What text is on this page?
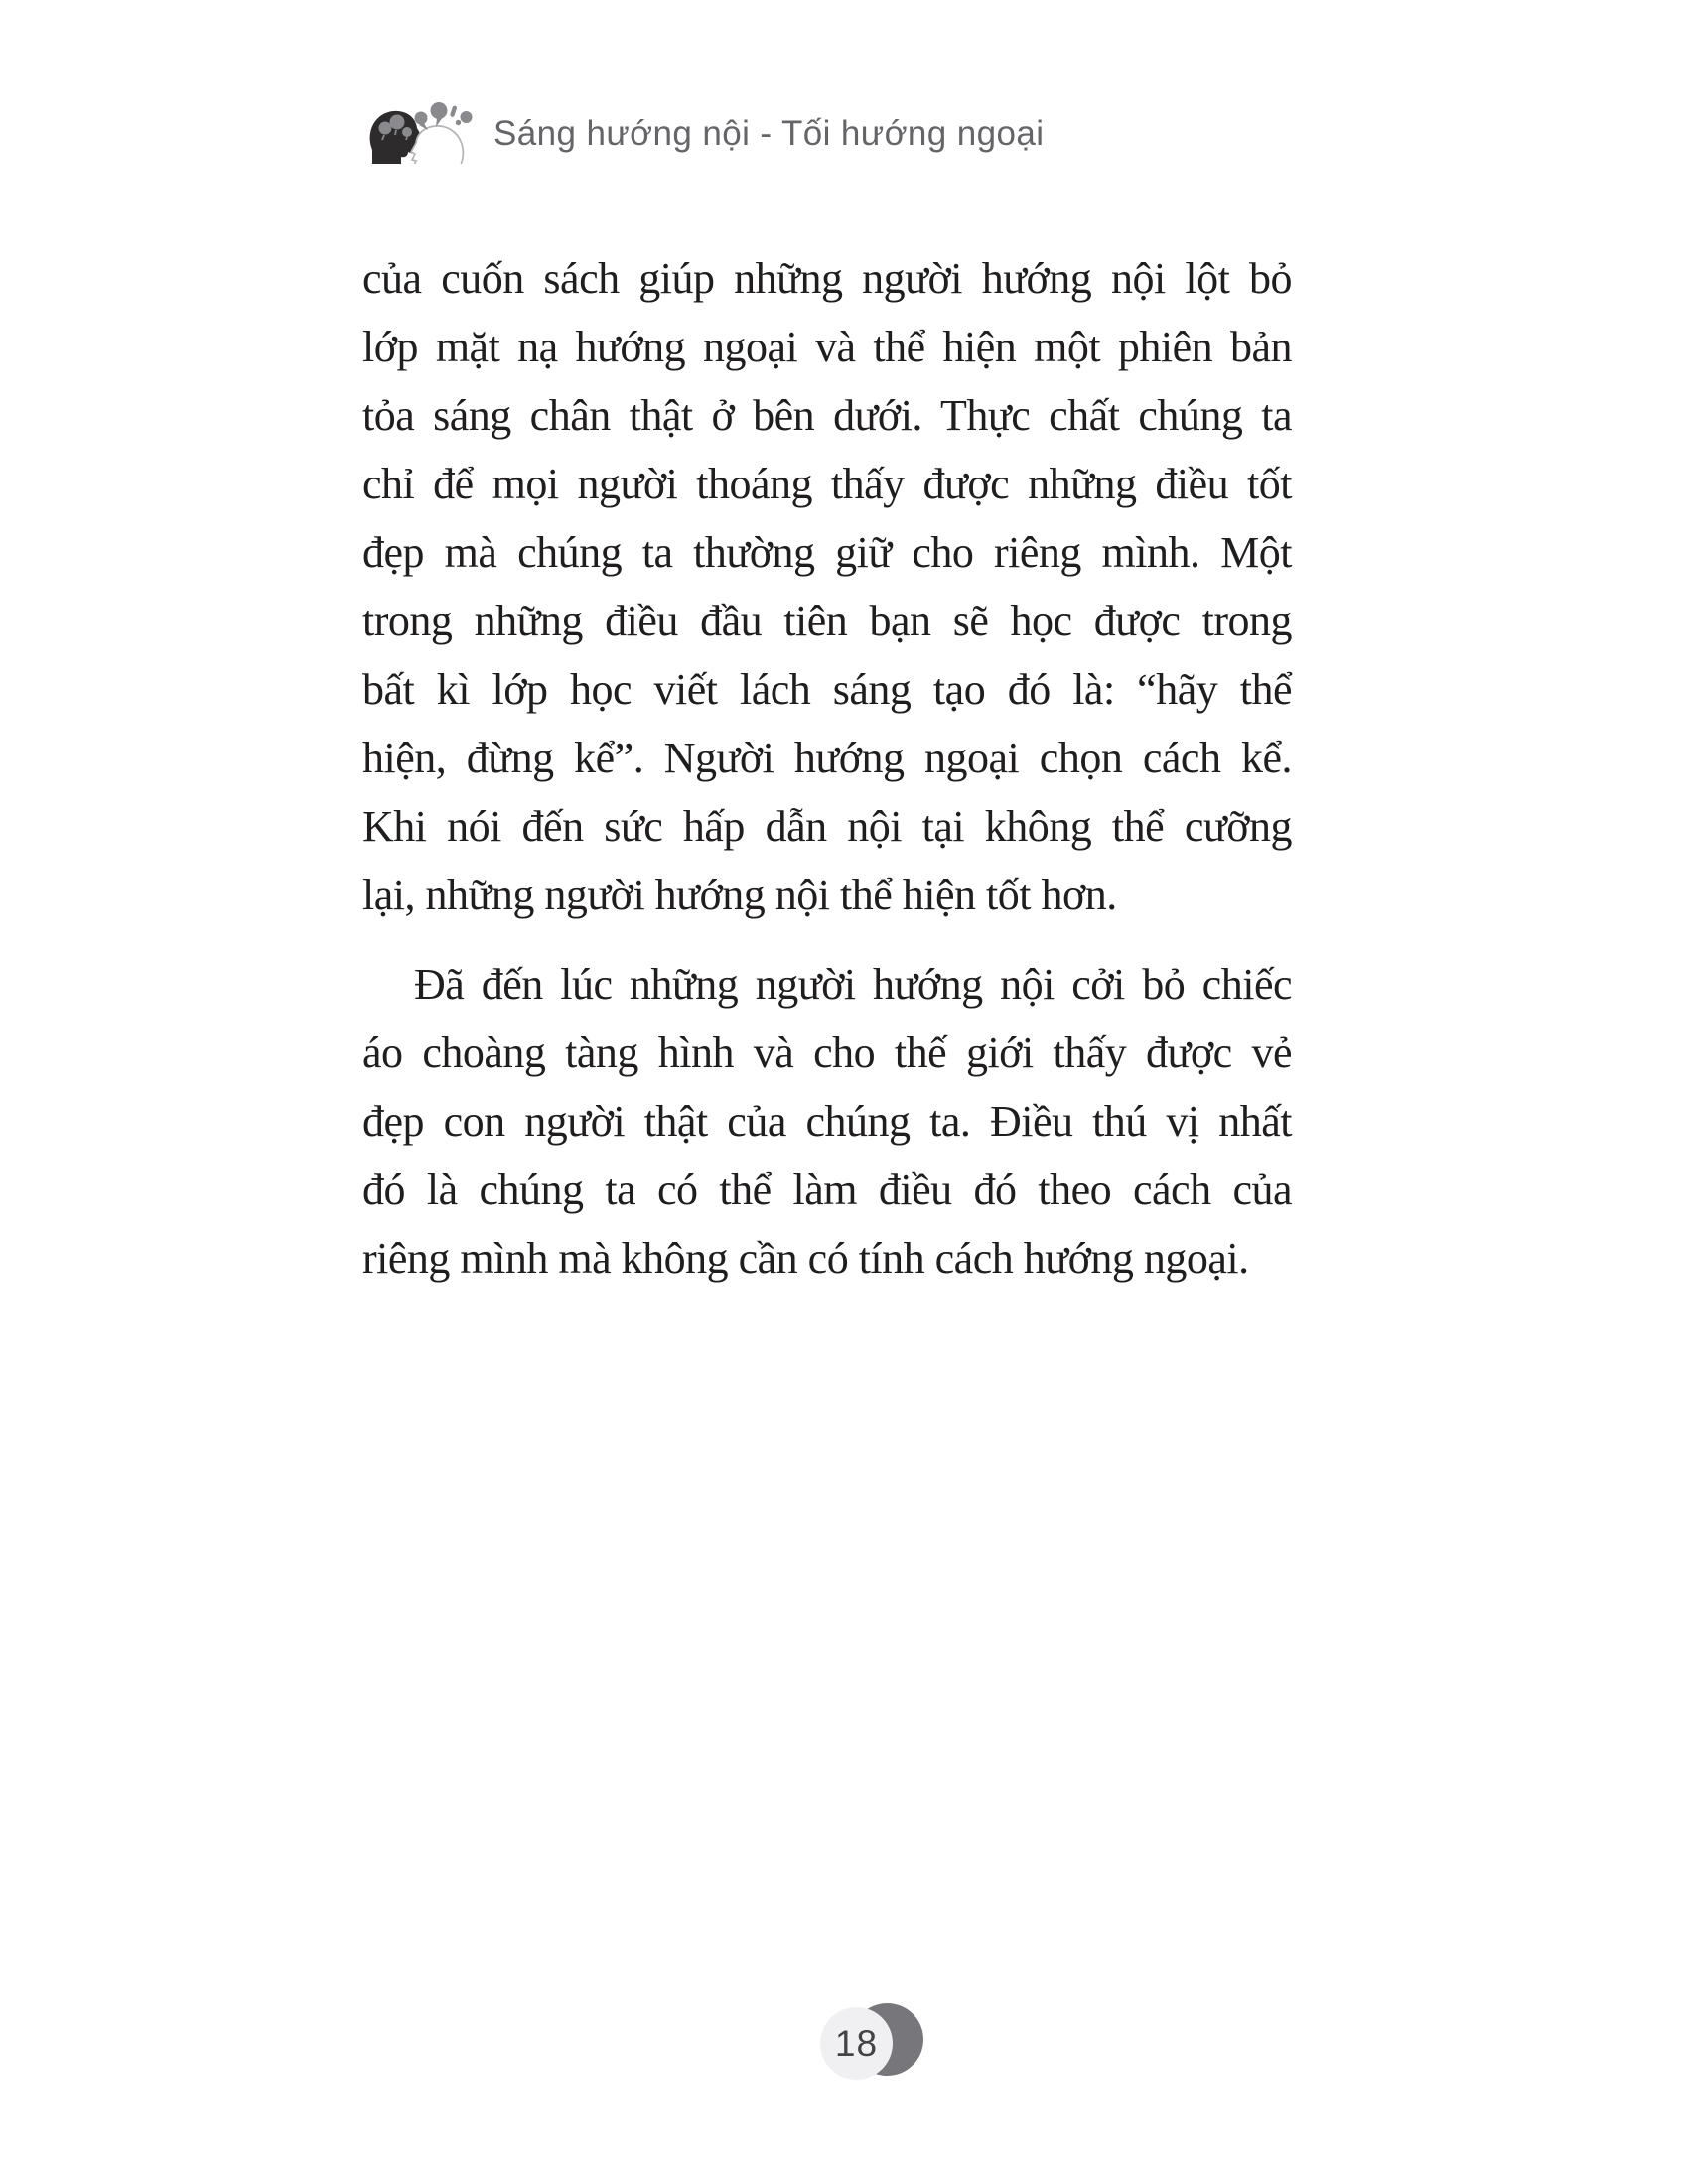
Sáng hướng nội - Tối hướng ngoại
của cuốn sách giúp những người hướng nội lột bỏ
lớp mặt nạ hướng ngoại và thể hiện một phiên bản
tỏa sáng chân thật ở bên dưới. Thực chất chúng ta
chỉ để mọi người thoáng thấy được những điều tốt
đẹp mà chúng ta thường giữ cho riêng mình. Một
trong những điều đầu tiên bạn sẽ học được trong
bất kì lớp học viết lách sáng tạo đó là: “hãy thể
hiện, đừng kể”. Người hướng ngoại chọn cách kể.
Khi nói đến sức hấp dẫn nội tại không thể cưỡng
lại, những người hướng nội thể hiện tốt hơn.
Đã đến lúc những người hướng nội cởi bỏ chiếc
áo choàng tàng hình và cho thế giới thấy được vẻ
đẹp con người thật của chúng ta. Điều thú vị nhất
đó là chúng ta có thể làm điều đó theo cách của
riêng mình mà không cần có tính cách hướng ngoại.
18
